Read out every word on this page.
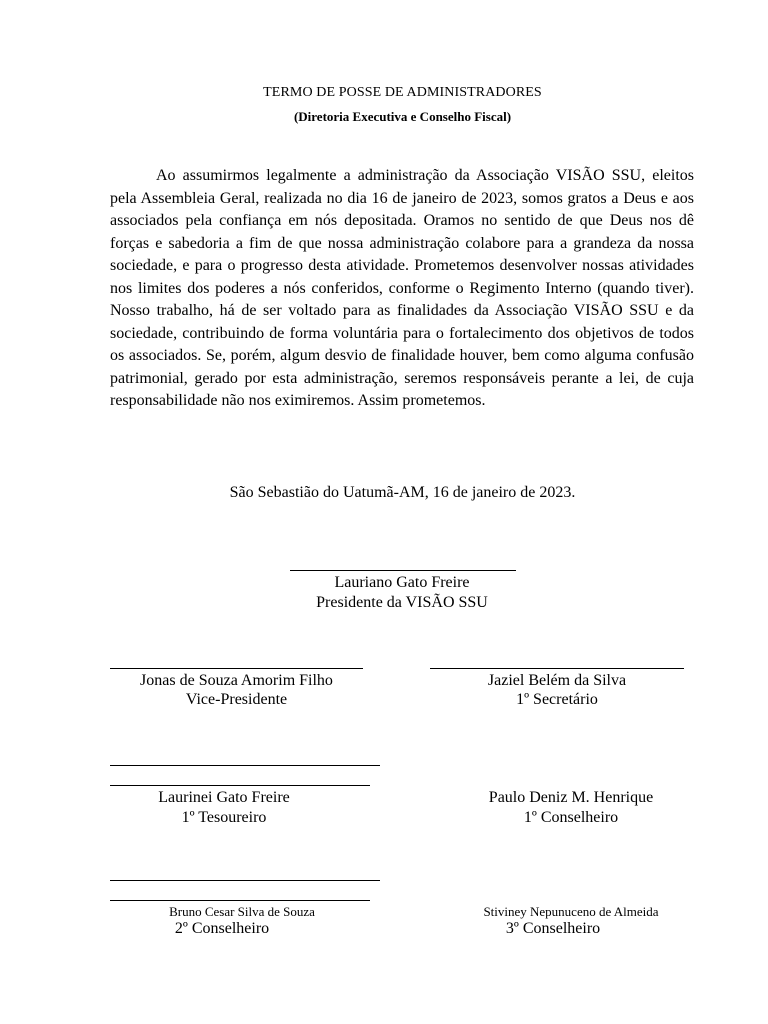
TERMO DE POSSE DE ADMINISTRADORES
(Diretoria Executiva e Conselho Fiscal)
Ao assumirmos legalmente a administração da Associação VISÃO SSU, eleitos pela Assembleia Geral, realizada no dia 16 de janeiro de 2023, somos gratos a Deus e aos associados pela confiança em nós depositada. Oramos no sentido de que Deus nos dê forças e sabedoria a fim de que nossa administração colabore para a grandeza da nossa sociedade, e para o progresso desta atividade. Prometemos desenvolver nossas atividades nos limites dos poderes a nós conferidos, conforme o Regimento Interno (quando tiver). Nosso trabalho, há de ser voltado para as finalidades da Associação VISÃO SSU e da sociedade, contribuindo de forma voluntária para o fortalecimento dos objetivos de todos os associados. Se, porém, algum desvio de finalidade houver, bem como alguma confusão patrimonial, gerado por esta administração, seremos responsáveis perante a lei, de cuja responsabilidade não nos eximiremos. Assim prometemos.
São Sebastião do Uatumã-AM, 16 de janeiro de 2023.
Lauriano Gato Freire
Presidente da VISÃO SSU
Jonas de Souza Amorim Filho
Vice-Presidente
Jaziel Belém da Silva
1º Secretário
Laurinei Gato Freire
1º Tesoureiro
Paulo Deniz M. Henrique
1º Conselheiro
Bruno Cesar Silva de Souza
2º Conselheiro
Stiviney Nepunuceno de Almeida
3º Conselheiro
